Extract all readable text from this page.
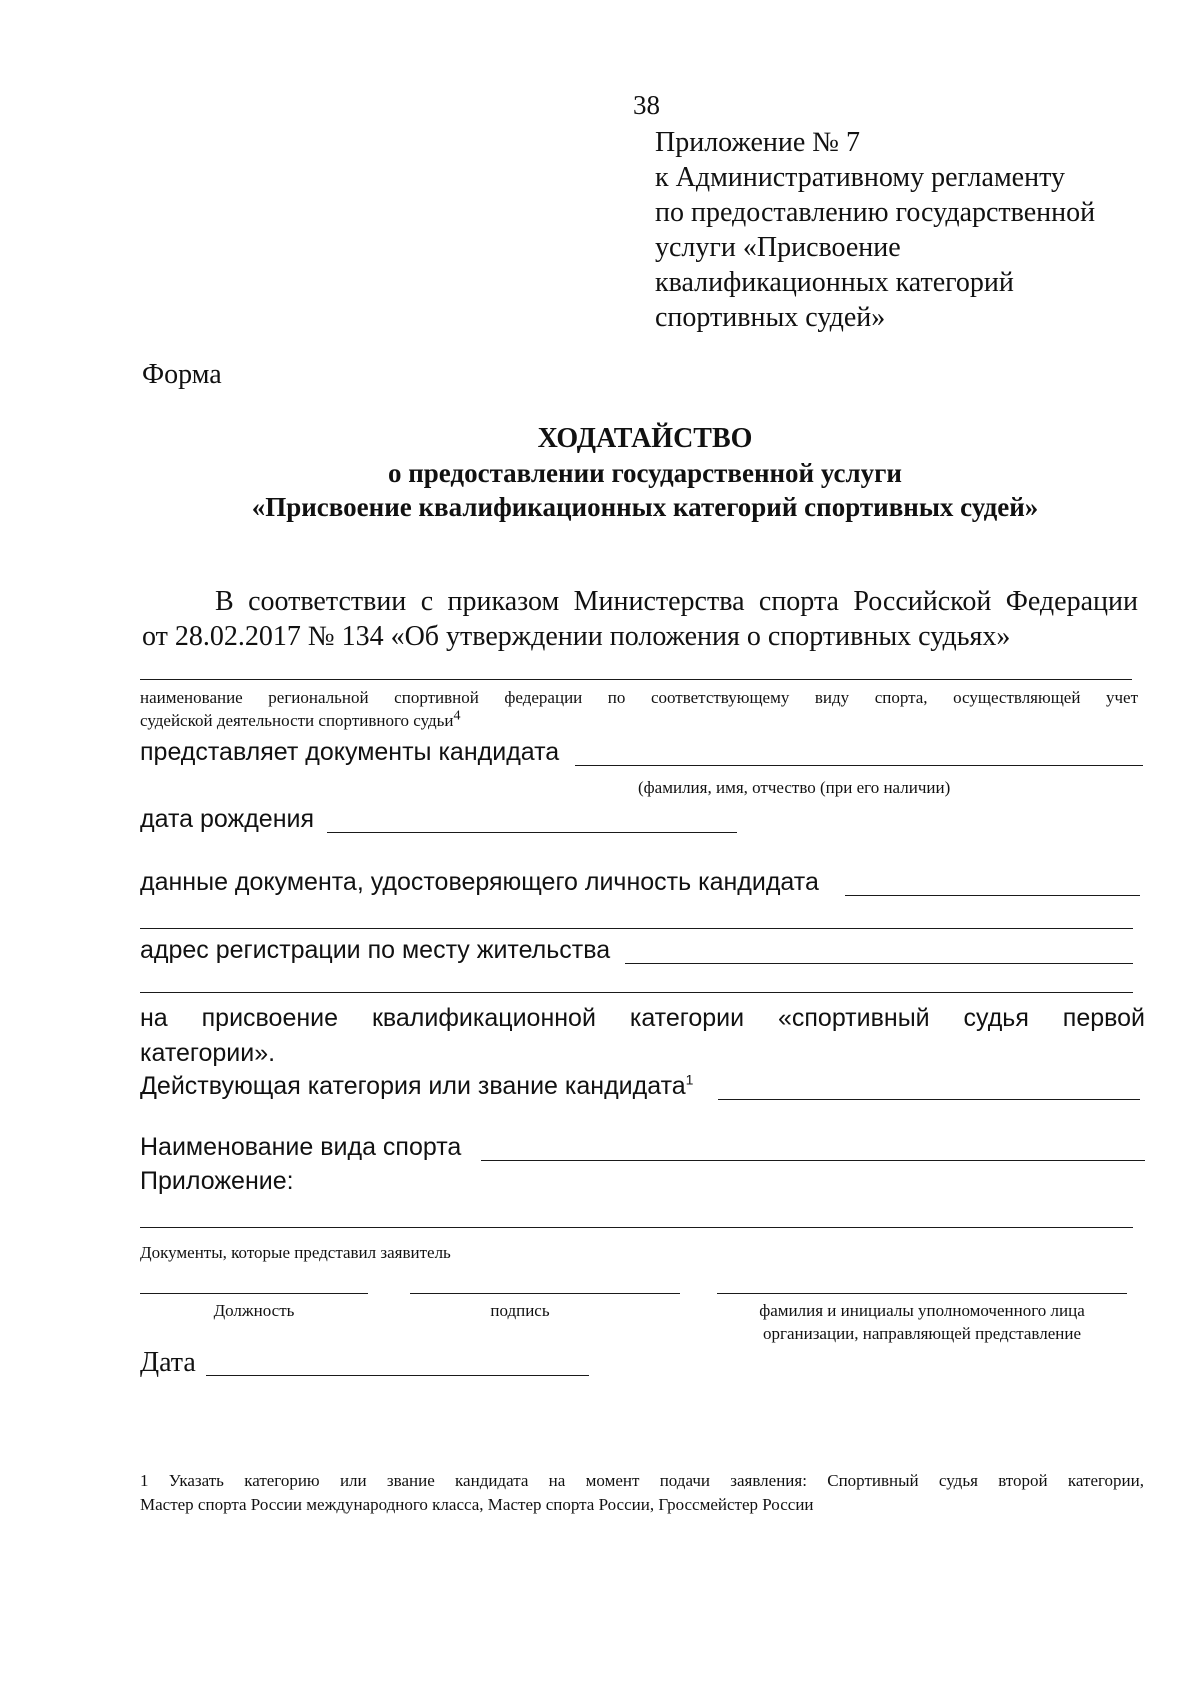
38
Приложение № 7
к Административному регламенту
по предоставлению государственной
услуги «Присвоение
квалификационных категорий
спортивных судей»
Форма
ХОДАТАЙСТВО
о предоставлении государственной услуги
«Присвоение квалификационных категорий спортивных судей»
В соответствии с приказом Министерства спорта Российской Федерации
от 28.02.2017 № 134 «Об утверждении положения о спортивных судьях»
наименование региональной спортивной федерации по соответствующему виду спорта, осуществляющей учет
судейской деятельности спортивного судьи$^4$
представляет документы кандидата
(фамилия, имя, отчество (при его наличии)
дата рождения
данные документа, удостоверяющего личность кандидата
адрес регистрации по месту жительства
на присвоение квалификационной категории «спортивный судья первой
категории».
Действующая категория или звание кандидата$^1$
Наименование вида спорта
Приложение:
Документы, которые представил заявитель
Должность	подпись	фамилия и инициалы уполномоченного лица
организации, направляющей представление
Дата
1 Указать категорию или звание кандидата на момент подачи заявления: Спортивный судья второй категории,
Мастер спорта России международного класса, Мастер спорта России, Гроссмейстер России
